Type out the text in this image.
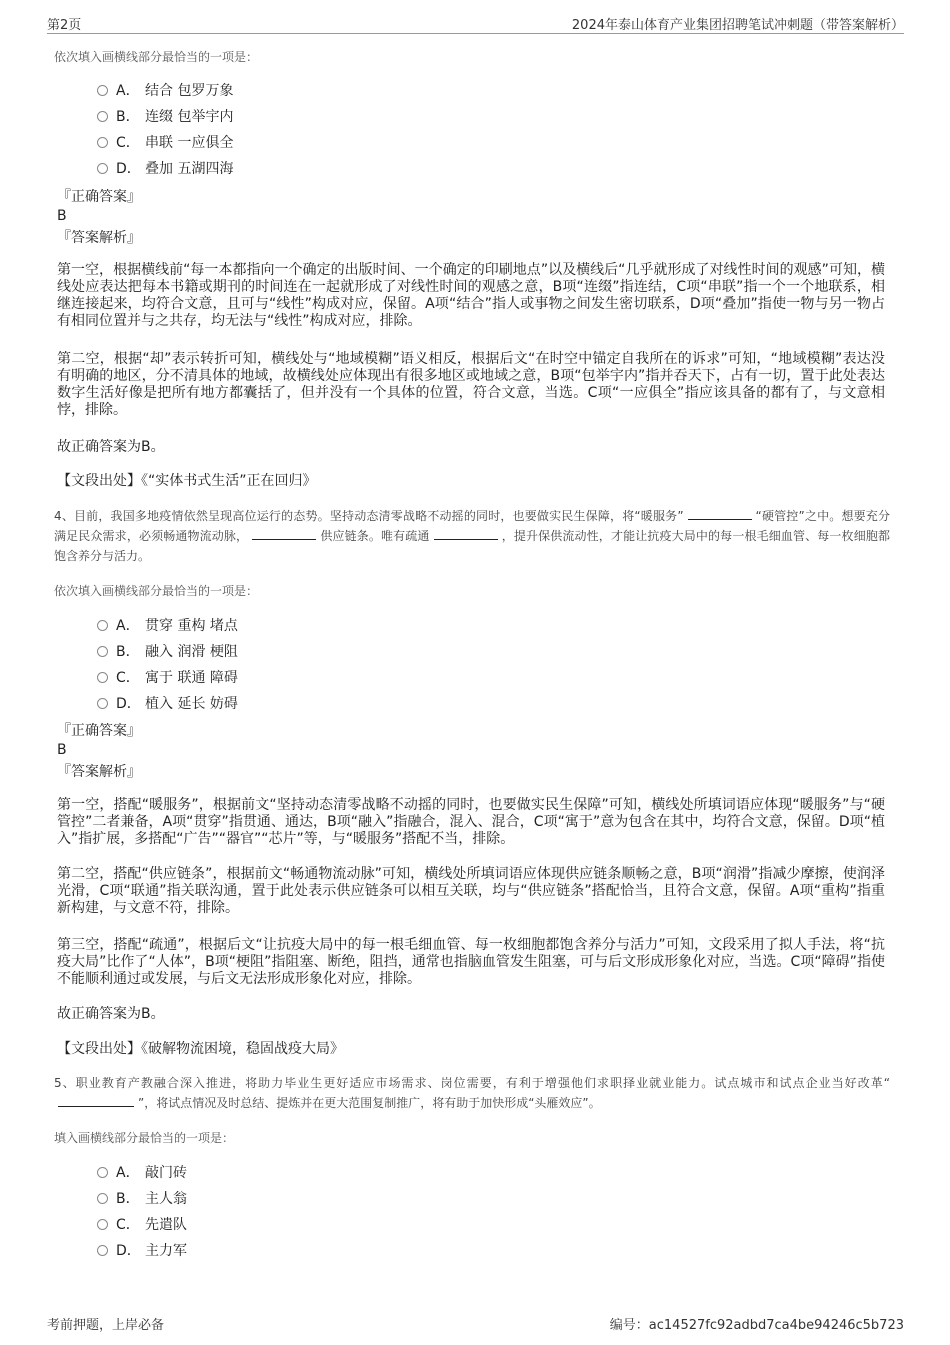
第2页	2024年泰山体育产业集团招聘笔试冲刺题（带答案解析）
依次填入画横线部分最恰当的一项是：
A． 结合 包罗万象
B． 连缀 包举宇内
C． 串联 一应俱全
D． 叠加 五湖四海
『正确答案』
B
『答案解析』
第一空，根据横线前“每一本都指向一个确定的出版时间、一个确定的印刷地点”以及横线后“几乎就形成了对线性时间的观感”可知，横线处应表达把每本书籍或期刊的时间连在一起就形成了对线性时间的观感之意，B项“连缀”指连结，C项“串联”指一个一个地联系，相继连接起来，均符合文意，且可与“线性”构成对应，保留。A项“结合”指人或事物之间发生密切联系，D项“叠加”指使一物与另一物占有相同位置并与之共存，均无法与“线性”构成对应，排除。
第二空，根据“却”表示转折可知，横线处与“地域模糊”语义相反，根据后文“在时空中锚定自我所在的诉求”可知，“地域模糊”表达没有明确的地区，分不清具体的地域，故横线处应体现出有很多地区或地域之意，B项“包举宇内”指并吞天下，占有一切，置于此处表达数字生活好像是把所有地方都囊括了，但并没有一个具体的位置，符合文意，当选。C项“一应俱全”指应该具备的都有了，与文意相悖，排除。
故正确答案为B。
【文段出处】《“实体书式生活”正在回归》
4、目前，我国多地疫情依然呈现高位运行的态势。坚持动态清零战略不动摇的同时，也要做实民生保障，将“暖服务”	“硬管控”之中。想要充分满足民众需求，必须畅通物流动脉，	供应链条。唯有疏通	，提升保供流动性，才能让抗疫大局中的每一根毛细血管、每一枚细胞都饱含养分与活力。
依次填入画横线部分最恰当的一项是：
A． 贯穿 重构 堵点
B． 融入 润滑 梗阻
C． 寓于 联通 障碍
D． 植入 延长 妨碍
『正确答案』
B
『答案解析』
第一空，搭配“暖服务”，根据前文“坚持动态清零战略不动摇的同时，也要做实民生保障”可知，横线处所填词语应体现“暖服务”与“硬管控”二者兼备，A项“贯穿”指贯通、通达，B项“融入”指融合，混入、混合，C项“寓于”意为包含在其中，均符合文意，保留。D项“植入”指扩展，多搭配“广告”“器官”“芯片”等，与“暖服务”搭配不当，排除。
第二空，搭配“供应链条”，根据前文“畅通物流动脉”可知，横线处所填词语应体现供应链条顺畅之意，B项“润滑”指减少摩擦，使润泽光滑，C项“联通”指关联沟通，置于此处表示供应链条可以相互关联，均与“供应链条”搭配恰当，且符合文意，保留。A项“重构”指重新构建，与文意不符，排除。
第三空，搭配“疏通”，根据后文“让抗疫大局中的每一根毛细血管、每一枚细胞都饱含养分与活力”可知，文段采用了拟人手法，将“抗疫大局”比作了“人体”，B项“梗阻”指阻塞、断绝，阻挡，通常也指脑血管发生阻塞，可与后文形成形象化对应，当选。C项“障碍”指使不能顺利通过或发展，与后文无法形成形象化对应，排除。
故正确答案为B。
【文段出处】《破解物流困境，稳固战疫大局》
5、职业教育产教融合深入推进，将助力毕业生更好适应市场需求、岗位需要，有利于增强他们求职择业就业能力。试点城市和试点企业当好改革“”，将试点情况及时总结、提炼并在更大范围复制推广，将有助于加快形成“头雁效应”。
填入画横线部分最恰当的一项是：
A． 敲门砖
B． 主人翁
C． 先遣队
D． 主力军
考前押题，上岸必备	编号：ac14527fc92adbd7ca4be94246c5b723
